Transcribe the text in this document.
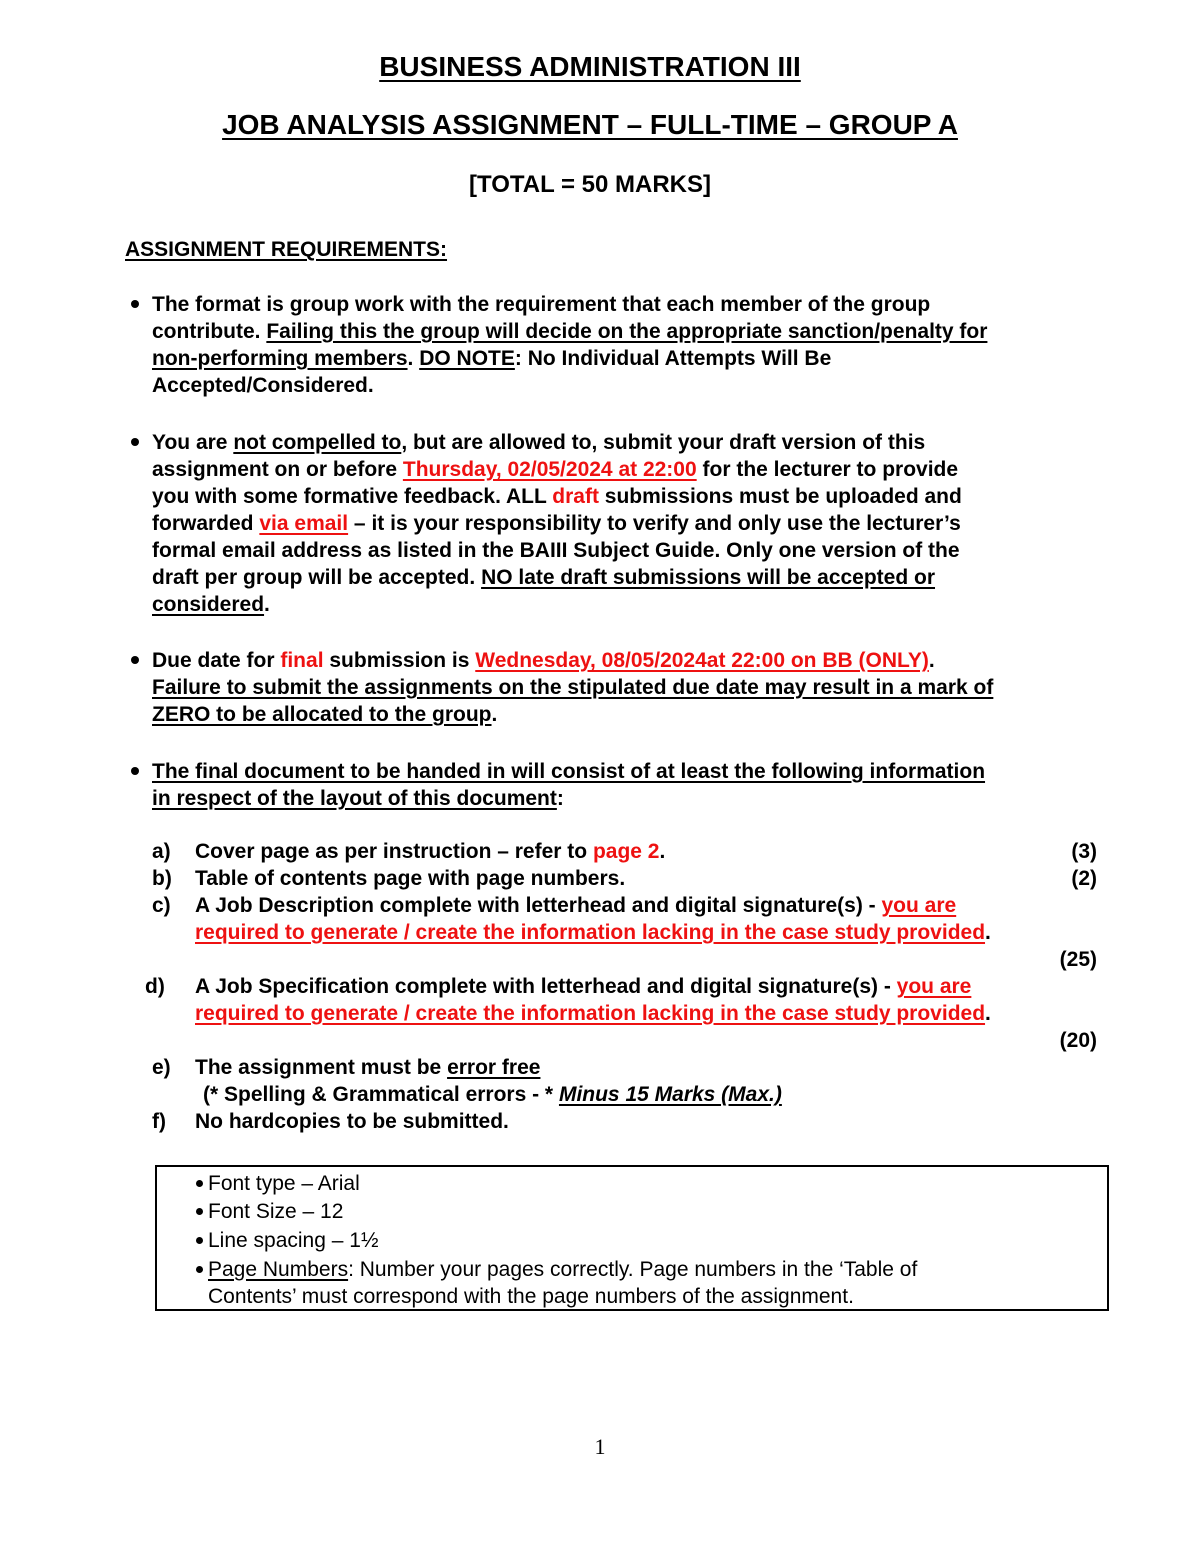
BUSINESS ADMINISTRATION III
JOB ANALYSIS ASSIGNMENT – FULL-TIME – GROUP A
[TOTAL = 50 MARKS]
ASSIGNMENT REQUIREMENTS:
The format is group work with the requirement that each member of the group
contribute. Failing this the group will decide on the appropriate sanction/penalty for
non-performing members. DO NOTE: No Individual Attempts Will Be
Accepted/Considered.
You are not compelled to, but are allowed to, submit your draft version of this
assignment on or before Thursday, 02/05/2024 at 22:00 for the lecturer to provide
you with some formative feedback. ALL draft submissions must be uploaded and
forwarded via email – it is your responsibility to verify and only use the lecturer’s
formal email address as listed in the BAIII Subject Guide. Only one version of the
draft per group will be accepted. NO late draft submissions will be accepted or
considered.
Due date for final submission is Wednesday, 08/05/2024at 22:00 on BB (ONLY).
Failure to submit the assignments on the stipulated due date may result in a mark of
ZERO to be allocated to the group.
The final document to be handed in will consist of at least the following information
in respect of the layout of this document:
a) Cover page as per instruction – refer to page 2.	(3)
b) Table of contents page with page numbers.	(2)
c) A Job Description complete with letterhead and digital signature(s) - you are
required to generate / create the information lacking in the case study provided.
(25)
d) A Job Specification complete with letterhead and digital signature(s) - you are
required to generate / create the information lacking in the case study provided.
(20)
e) The assignment must be error free
(* Spelling & Grammatical errors - * Minus 15 Marks (Max.)
f) No hardcopies to be submitted.
Font type – Arial
Font Size – 12
Line spacing – 1½
Page Numbers: Number your pages correctly. Page numbers in the ‘Table of
Contents’ must correspond with the page numbers of the assignment.
1
